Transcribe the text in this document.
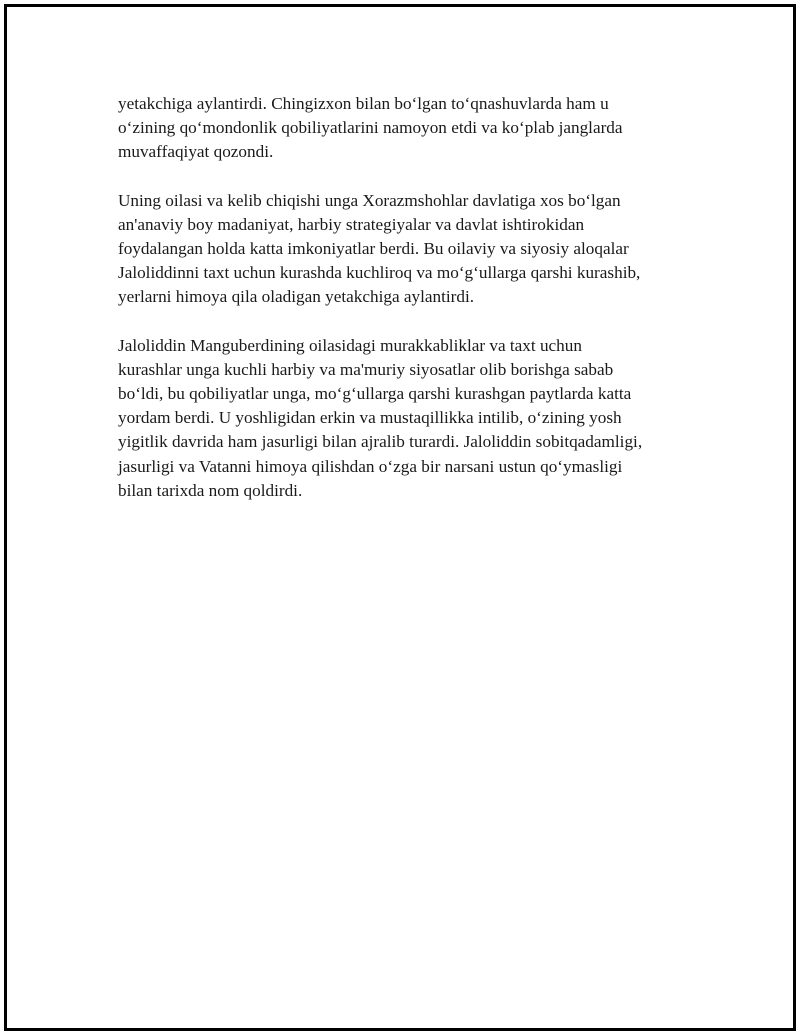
yetakchiga aylantirdi. Chingizxon bilan bo‘lgan to‘qnashuvlarda ham u
o‘zining qo‘mondonlik qobiliyatlarini namoyon etdi va ko‘plab janglarda
muvaffaqiyat qozondi.

Uning oilasi va kelib chiqishi unga Xorazmshohlar davlatiga xos bo‘lgan
an'anaviy boy madaniyat, harbiy strategiyalar va davlat ishtirokidan
foydalangan holda katta imkoniyatlar berdi. Bu oilaviy va siyosiy aloqalar
Jaloliddinni taxt uchun kurashda kuchliroq va mo‘g‘ullarga qarshi kurashib,
yerlarni himoya qila oladigan yetakchiga aylantirdi.

Jaloliddin Manguberdining oilasidagi murakkabliklar va taxt uchun
kurashlar unga kuchli harbiy va ma'muriy siyosatlar olib borishga sabab
bo‘ldi, bu qobiliyatlar unga, mo‘g‘ullarga qarshi kurashgan paytlarda katta
yordam berdi. U yoshligidan erkin va mustaqillikka intilib, o‘zining yosh
yigitlik davrida ham jasurligi bilan ajralib turardi. Jaloliddin sobitqadamligi,
jasurligi va Vatanni himoya qilishdan o‘zga bir narsani ustun qo‘ymasligi
bilan tarixda nom qoldirdi.
